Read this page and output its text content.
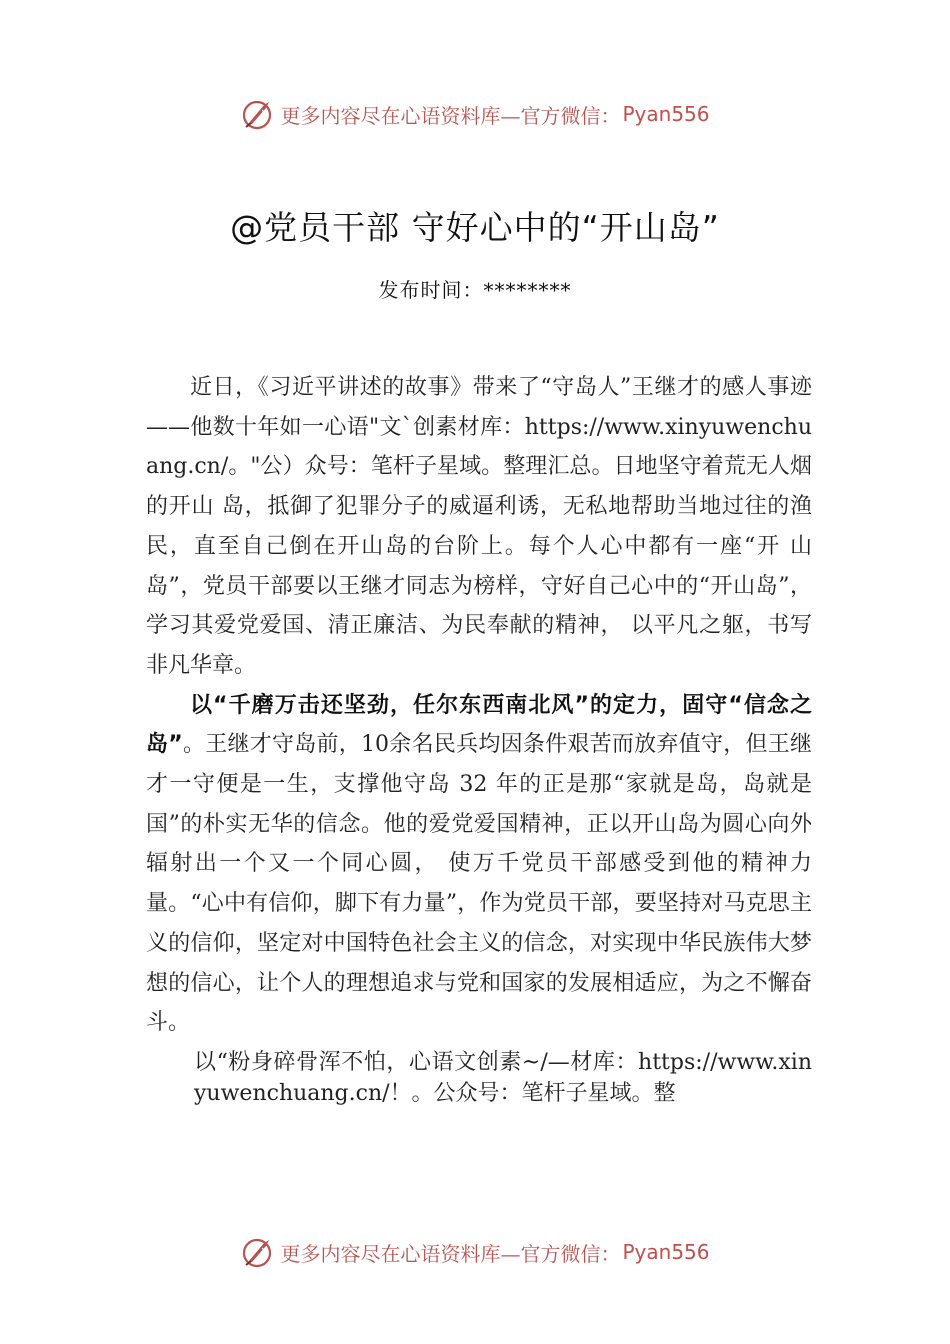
更多内容尽在心语资料库—官方微信： Pyan556
@党员干部 守好心中的“开山岛”
发布时间：********

近日，《习近平讲述的故事》带来了“守岛人”王继才的感人事迹——他数十年如一心语"文`创素材库：https://www.xinyuwenchuang.cn/。"公）众号：笔杆子星域。整理汇总。日地坚守着荒无人烟的开山 岛，抵御了犯罪分子的威逼利诱，无私地帮助当地过往的渔民，直至自己倒在开山岛的台阶上。每个人心中都有一座“开 山岛”，党员干部要以王继才同志为榜样，守好自己心中的“开山岛”，学习其爱党爱国、清正廉洁、为民奉献的精神， 以平凡之躯，书写非凡华章。

以“千磨万击还坚劲，任尔东西南北风”的定力，固守“信念之岛”。王继才守岛前，10余名民兵均因条件艰苦而放弃值守，但王继才一守便是一生，支撑他守岛 32 年的正是那“家就是岛，岛就是国”的朴实无华的信念。他的爱党爱国精神，正以开山岛为圆心向外辐射出一个又一个同心圆， 使万千党员干部感受到他的精神力量。“心中有信仰，脚下有力量”，作为党员干部，要坚持对马克思主义的信仰，坚定对中国特色社会主义的信念，对实现中华民族伟大梦想的信心，让个人的理想追求与党和国家的发展相适应，为之不懈奋斗。

以“粉身碎骨浑不怕，心语文创素~/—材库：https://www.xinyuwenchuang.cn/！。公众号：笔杆子星域。整

更多内容尽在心语资料库—官方微信： Pyan556
